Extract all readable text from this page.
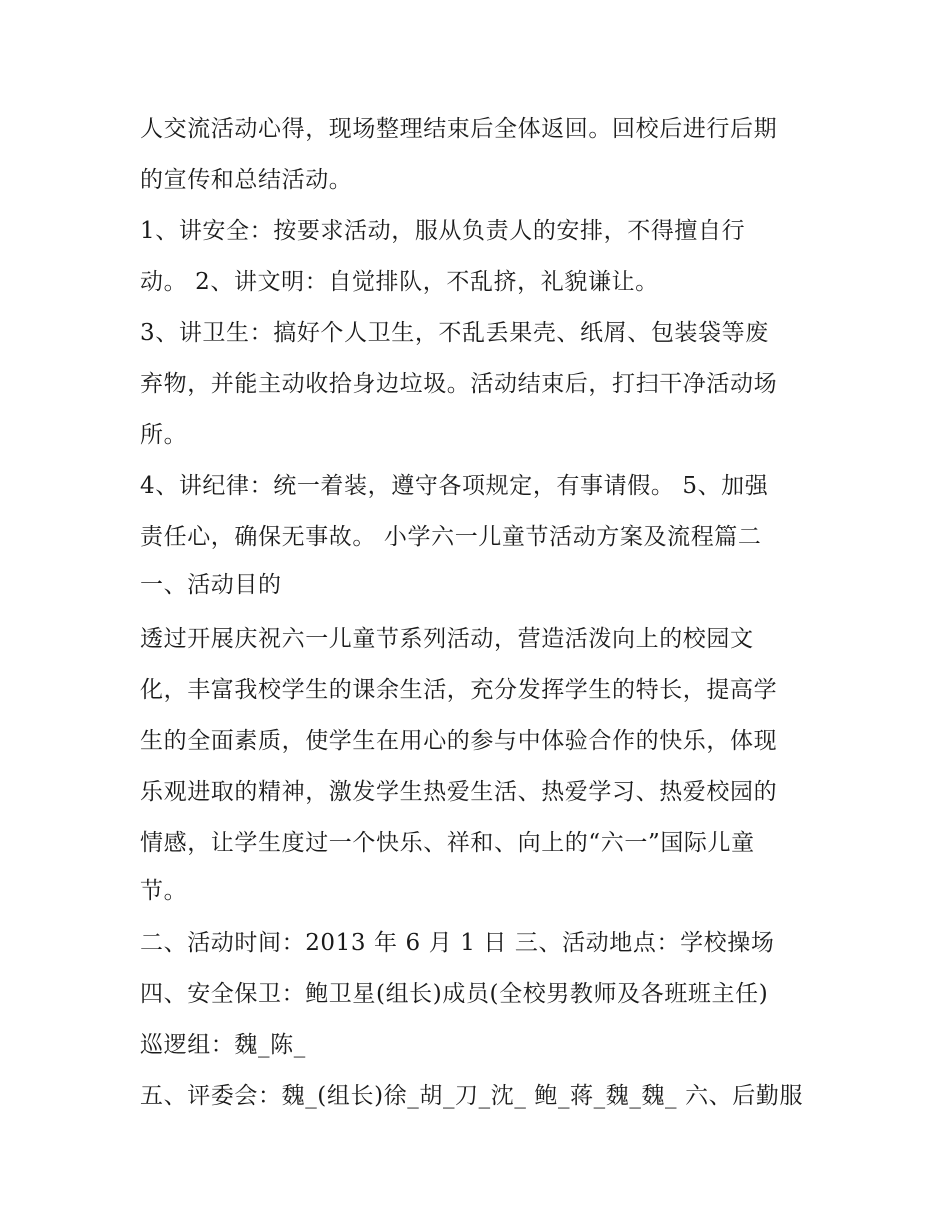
人交流活动心得，现场整理结束后全体返回。回校后进行后期
的宣传和总结活动。
1、讲安全：按要求活动，服从负责人的安排，不得擅自行
动。 2、讲文明：自觉排队，不乱挤，礼貌谦让。
3、讲卫生：搞好个人卫生，不乱丢果壳、纸屑、包装袋等废
弃物，并能主动收拾身边垃圾。活动结束后，打扫干净活动场
所。
4、讲纪律：统一着装，遵守各项规定，有事请假。 5、加强
责任心，确保无事故。 小学六一儿童节活动方案及流程篇二
一、活动目的
透过开展庆祝六一儿童节系列活动，营造活泼向上的校园文
化，丰富我校学生的课余生活，充分发挥学生的特长，提高学
生的全面素质，使学生在用心的参与中体验合作的快乐，体现
乐观进取的精神，激发学生热爱生活、热爱学习、热爱校园的
情感，让学生度过一个快乐、祥和、向上的“六一”国际儿童
节。
二、活动时间：2013 年 6 月 1 日 三、活动地点：学校操场
四、安全保卫：鲍卫星(组长)成员(全校男教师及各班班主任)
巡逻组：魏_陈_
五、评委会：魏_(组长)徐_胡_刀_沈_ 鲍_蒋_魏_魏_ 六、后勤服
